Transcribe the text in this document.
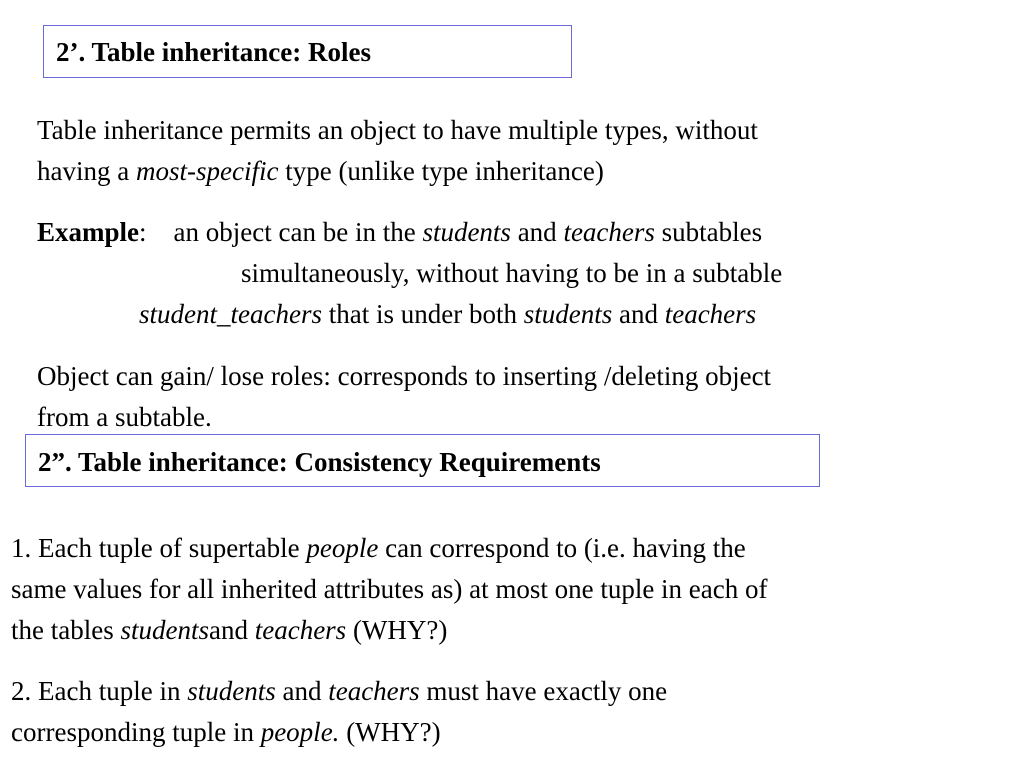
2’. Table inheritance: Roles

Table inheritance permits an object to have multiple types, without
having a most-specific type (unlike type inheritance)

Example: an object can be in the students and teachers subtables
simultaneously, without having to be in a subtable
student_teachers that is under both students and teachers

Object can gain/ lose roles: corresponds to inserting /deleting object
from a subtable.

2”. Table inheritance: Consistency Requirements

1. Each tuple of supertable people can correspond to (i.e. having the
same values for all inherited attributes as) at most one tuple in each of
the tables studentsand teachers (WHY?)

2. Each tuple in students and teachers must have exactly one
corresponding tuple in people. (WHY?)
